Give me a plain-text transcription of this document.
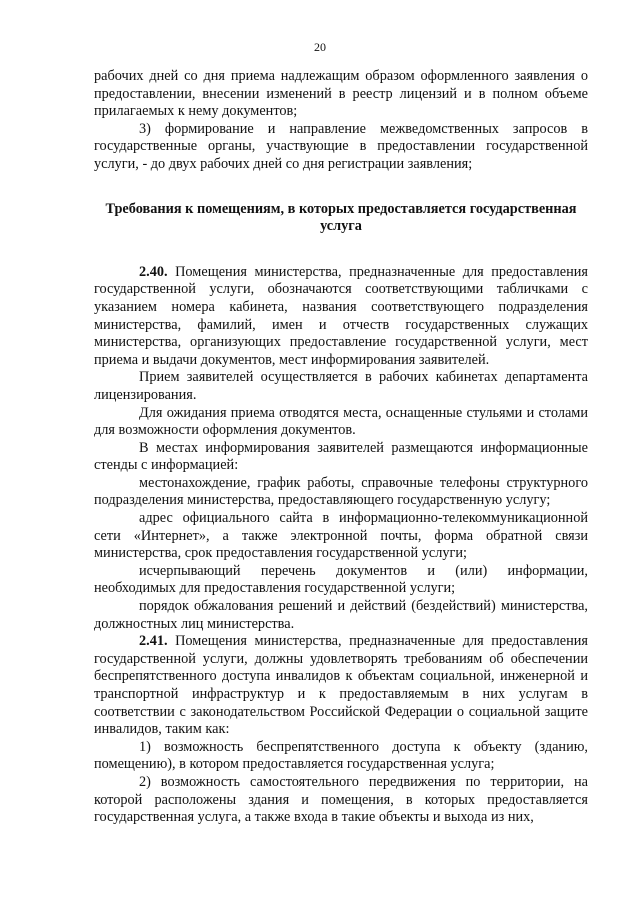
20

рабочих дней со дня приема надлежащим образом оформленного заявления о предоставлении, внесении изменений в реестр лицензий и в полном объеме прилагаемых к нему документов;

3) формирование и направление межведомственных запросов в государственные органы, участвующие в предоставлении государственной услуги, - до двух рабочих дней со дня регистрации заявления;

Требования к помещениям, в которых предоставляется государственная услуга

2.40. Помещения министерства, предназначенные для предоставления государственной услуги, обозначаются соответствующими табличками с указанием номера кабинета, названия соответствующего подразделения министерства, фамилий, имен и отчеств государственных служащих министерства, организующих предоставление государственной услуги, мест приема и выдачи документов, мест информирования заявителей.

Прием заявителей осуществляется в рабочих кабинетах департамента лицензирования.

Для ожидания приема отводятся места, оснащенные стульями и столами для возможности оформления документов.

В местах информирования заявителей размещаются информационные стенды с информацией:

местонахождение, график работы, справочные телефоны структурного подразделения министерства, предоставляющего государственную услугу;

адрес официального сайта в информационно-телекоммуникационной сети «Интернет», а также электронной почты, форма обратной связи министерства, срок предоставления государственной услуги;

исчерпывающий перечень документов и (или) информации, необходимых для предоставления государственной услуги;

порядок обжалования решений и действий (бездействий) министерства, должностных лиц министерства.

2.41. Помещения министерства, предназначенные для предоставления государственной услуги, должны удовлетворять требованиям об обеспечении беспрепятственного доступа инвалидов к объектам социальной, инженерной и транспортной инфраструктур и к предоставляемым в них услугам в соответствии с законодательством Российской Федерации о социальной защите инвалидов, таким как:

1) возможность беспрепятственного доступа к объекту (зданию, помещению), в котором предоставляется государственная услуга;

2) возможность самостоятельного передвижения по территории, на которой расположены здания и помещения, в которых предоставляется государственная услуга, а также входа в такие объекты и выхода из них,
